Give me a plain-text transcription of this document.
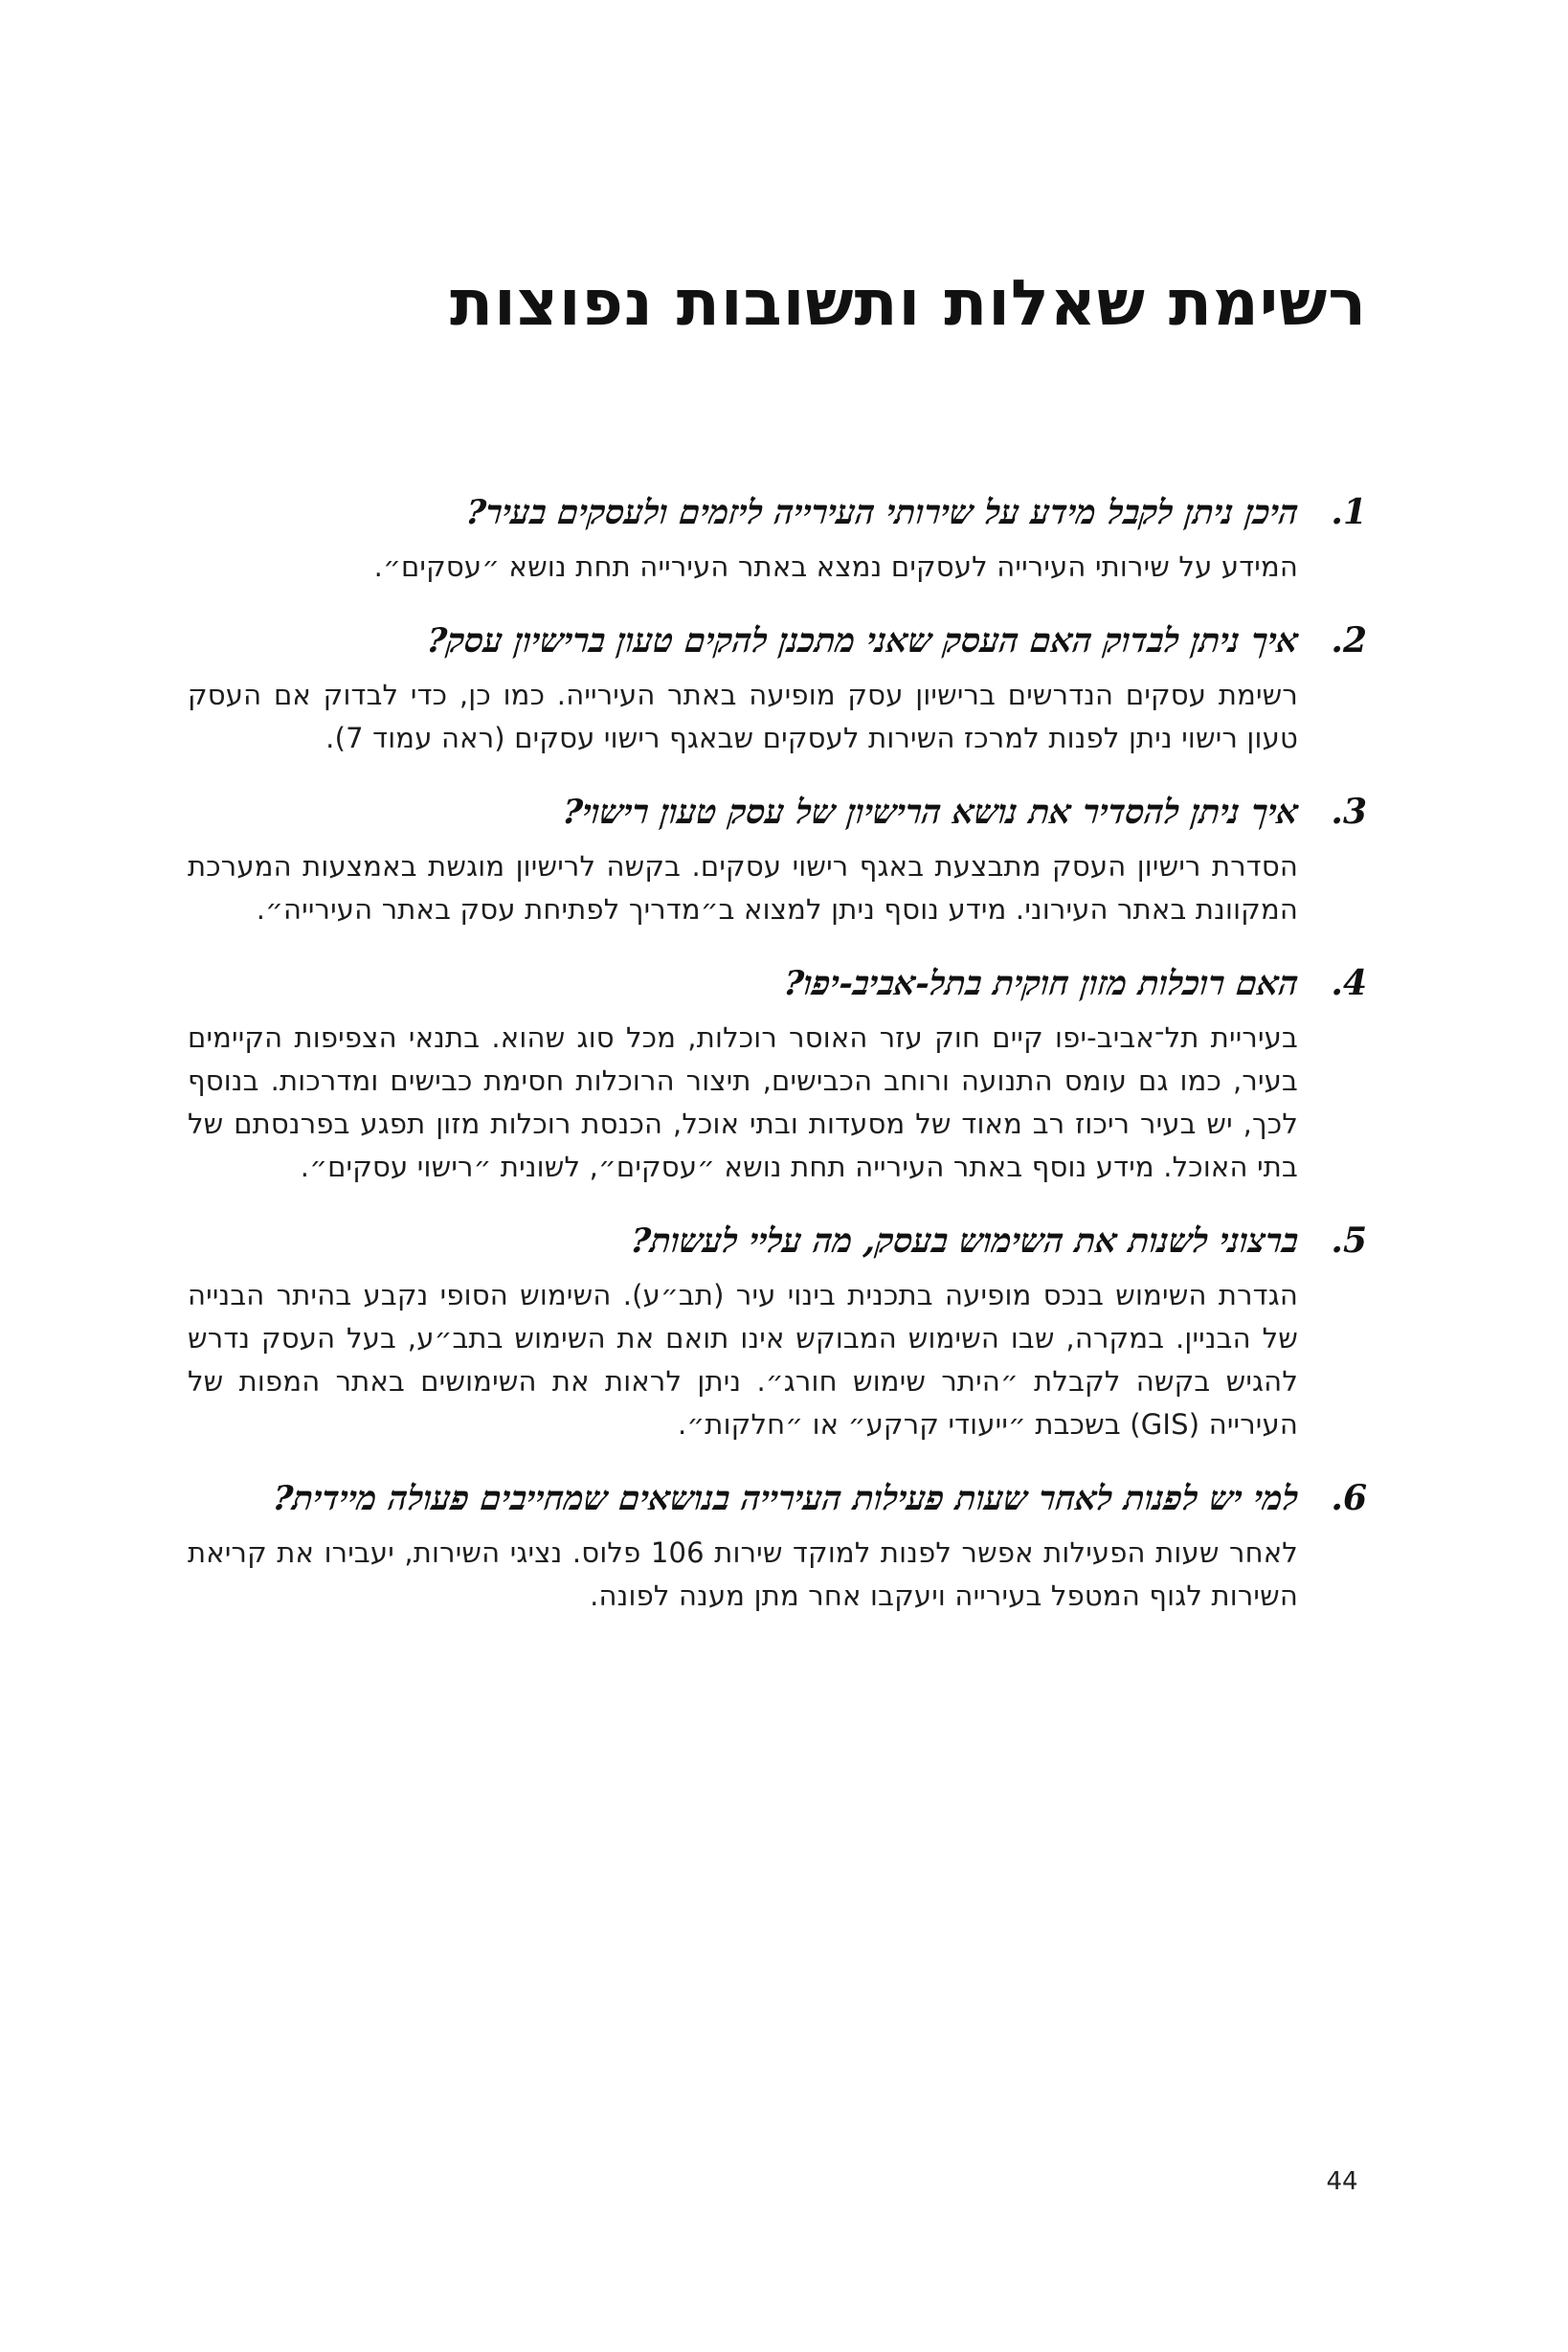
רשימת שאלות ותשובות נפוצות
1.
היכן ניתן לקבל מידע על שירותי העירייה ליזמים ולעסקים בעיר?

המידע על שירותי העירייה לעסקים נמצא באתר העירייה תחת נושא ״עסקים״.

2.
איך ניתן לבדוק האם העסק שאני מתכנן להקים טעון ברישיון עסק?

רשימת עסקים הנדרשים ברישיון עסק מופיעה באתר העירייה. כמו כן, כדי לבדוק אם העסק טעון רישוי ניתן לפנות למרכז השירות לעסקים שבאגף רישוי עסקים (ראה עמוד 7).

3.
איך ניתן להסדיר את נושא הרישיון של עסק טעון רישוי?

הסדרת רישיון העסק מתבצעת באגף רישוי עסקים. בקשה לרישיון מוגשת באמצעות המערכת המקוונת באתר העירוני. מידע נוסף ניתן למצוא ב״מדריך לפתיחת עסק באתר העירייה״.

4.
האם רוכלות מזון חוקית בתל-אביב-יפו?

בעיריית תל־אביב-יפו קיים חוק עזר האוסר רוכלות, מכל סוג שהוא. בתנאי הצפיפות הקיימים בעיר, כמו גם עומס התנועה ורוחב הכבישים, תיצור הרוכלות חסימת כבישים ומדרכות. בנוסף לכך, יש בעיר ריכוז רב מאוד של מסעדות ובתי אוכל, הכנסת רוכלות מזון תפגע בפרנסתם של בתי האוכל. מידע נוסף באתר העירייה תחת נושא ״עסקים״, לשונית ״רישוי עסקים״.

5.
ברצוני לשנות את השימוש בעסק, מה עליי לעשות?

הגדרת השימוש בנכס מופיעה בתכנית בינוי עיר (תב״ע). השימוש הסופי נקבע בהיתר הבנייה של הבניין. במקרה, שבו השימוש המבוקש אינו תואם את השימוש בתב״ע, בעל העסק נדרש להגיש בקשה לקבלת ״היתר שימוש חורג״. ניתן לראות את השימושים באתר המפות של העירייה (GIS) בשכבת ״ייעודי קרקע״ או ״חלקות״.

6.
למי יש לפנות לאחר שעות פעילות העירייה בנושאים שמחייבים פעולה מיידית?

לאחר שעות הפעילות אפשר לפנות למוקד שירות 106 פלוס. נציגי השירות, יעבירו את קריאת השירות לגוף המטפל בעירייה ויעקבו אחר מתן מענה לפונה.

44
